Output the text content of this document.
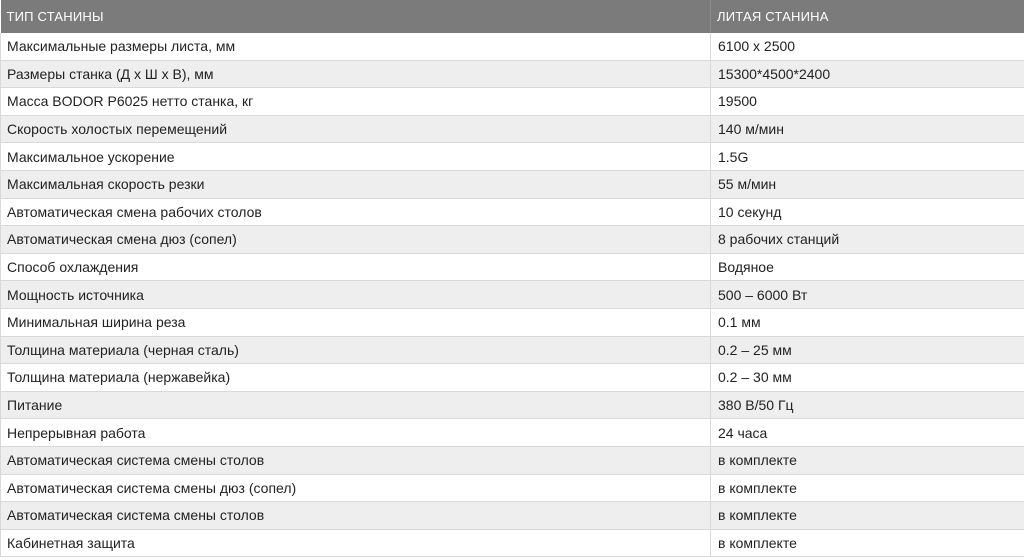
ТИП СТАНИНЫ	ЛИТАЯ СТАНИНА
Максимальные размеры листа, мм	6100 х 2500
Размеры станка (Д х Ш х В), мм	15300*4500*2400
Масса BODOR P6025 нетто станка, кг	19500
Скорость холостых перемещений	140 м/мин
Максимальное ускорение	1.5G
Максимальная скорость резки	55 м/мин
Автоматическая смена рабочих столов	10 секунд
Автоматическая смена дюз (сопел)	8 рабочих станций
Способ охлаждения	Водяное
Мощность источника	500 – 6000 Вт
Минимальная ширина реза	0.1 мм
Толщина материала (черная сталь)	0.2 – 25 мм
Толщина материала (нержавейка)	0.2 – 30 мм
Питание	380 В/50 Гц
Непрерывная работа	24 часа
Автоматическая система смены столов	в комплекте
Автоматическая система смены дюз (сопел)	в комплекте
Автоматическая система смены столов	в комплекте
Кабинетная защита	в комплекте
